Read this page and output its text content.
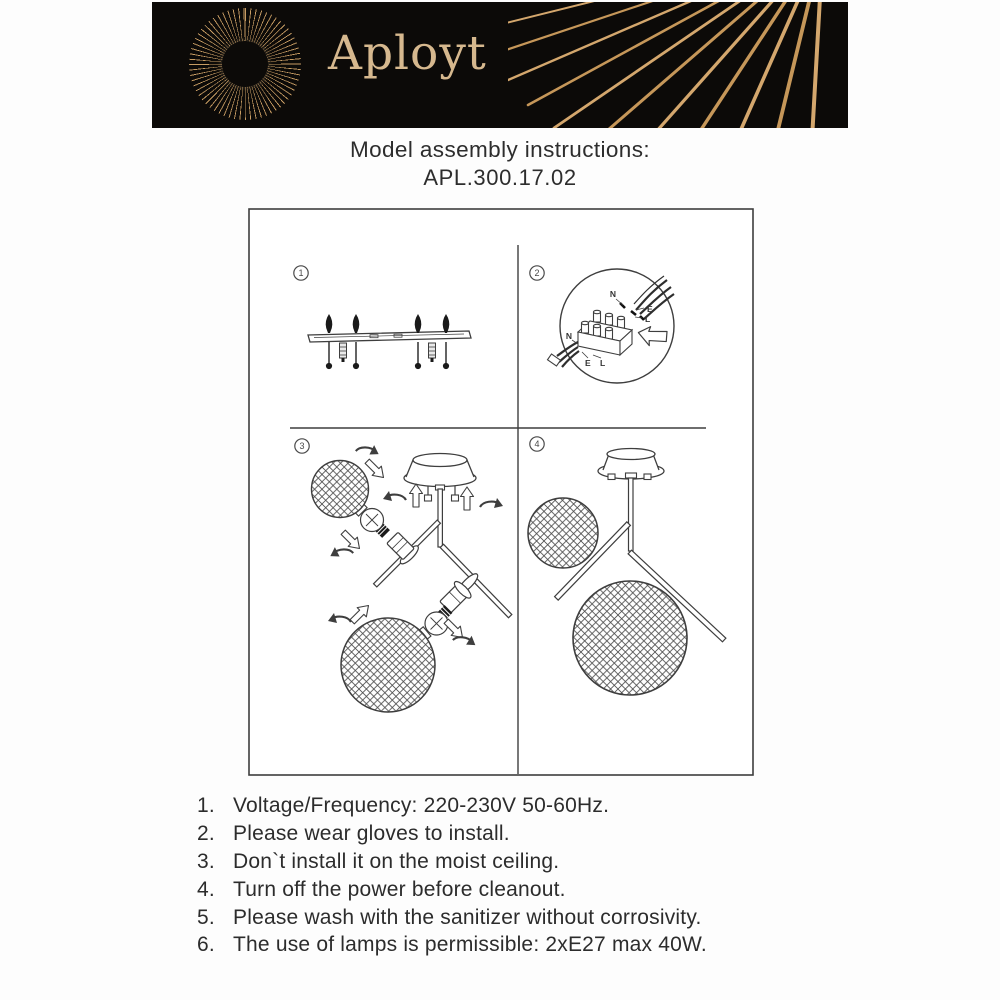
Aployt
Model assembly instructions:
APL.300.17.02
1	2
3	4
N
E
L
N
E L
1. Voltage/Frequency: 220-230V 50-60Hz.
2. Please wear gloves to install.
3. Don`t install it on the moist ceiling.
4. Turn off the power before cleanout.
5. Please wash with the sanitizer without corrosivity.
6. The use of lamps is permissible: 2xE27 max 40W.
